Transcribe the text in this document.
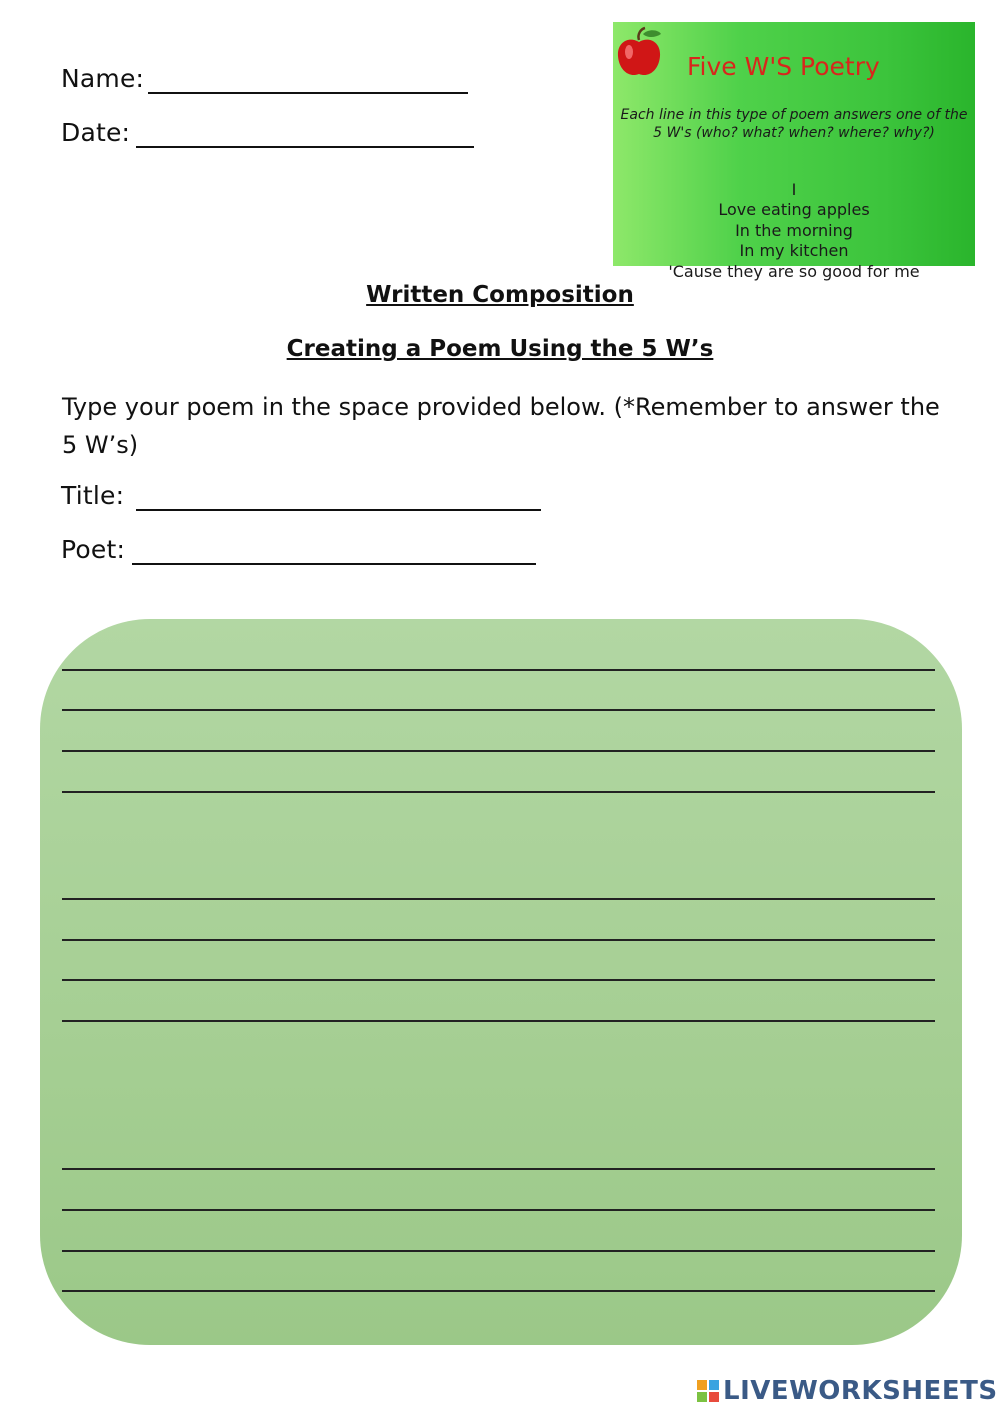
Name:
Date:
Five W'S Poetry
Each line in this type of poem answers one of the 5 W's (who? what? when? where? why?)
I
Love eating apples
In the morning
In my kitchen
'Cause they are so good for me
Written Composition
Creating a Poem Using the 5 W’s
Type your poem in the space provided below. (*Remember to answer the 5 W’s)
Title:
Poet:
LIVEWORKSHEETS
